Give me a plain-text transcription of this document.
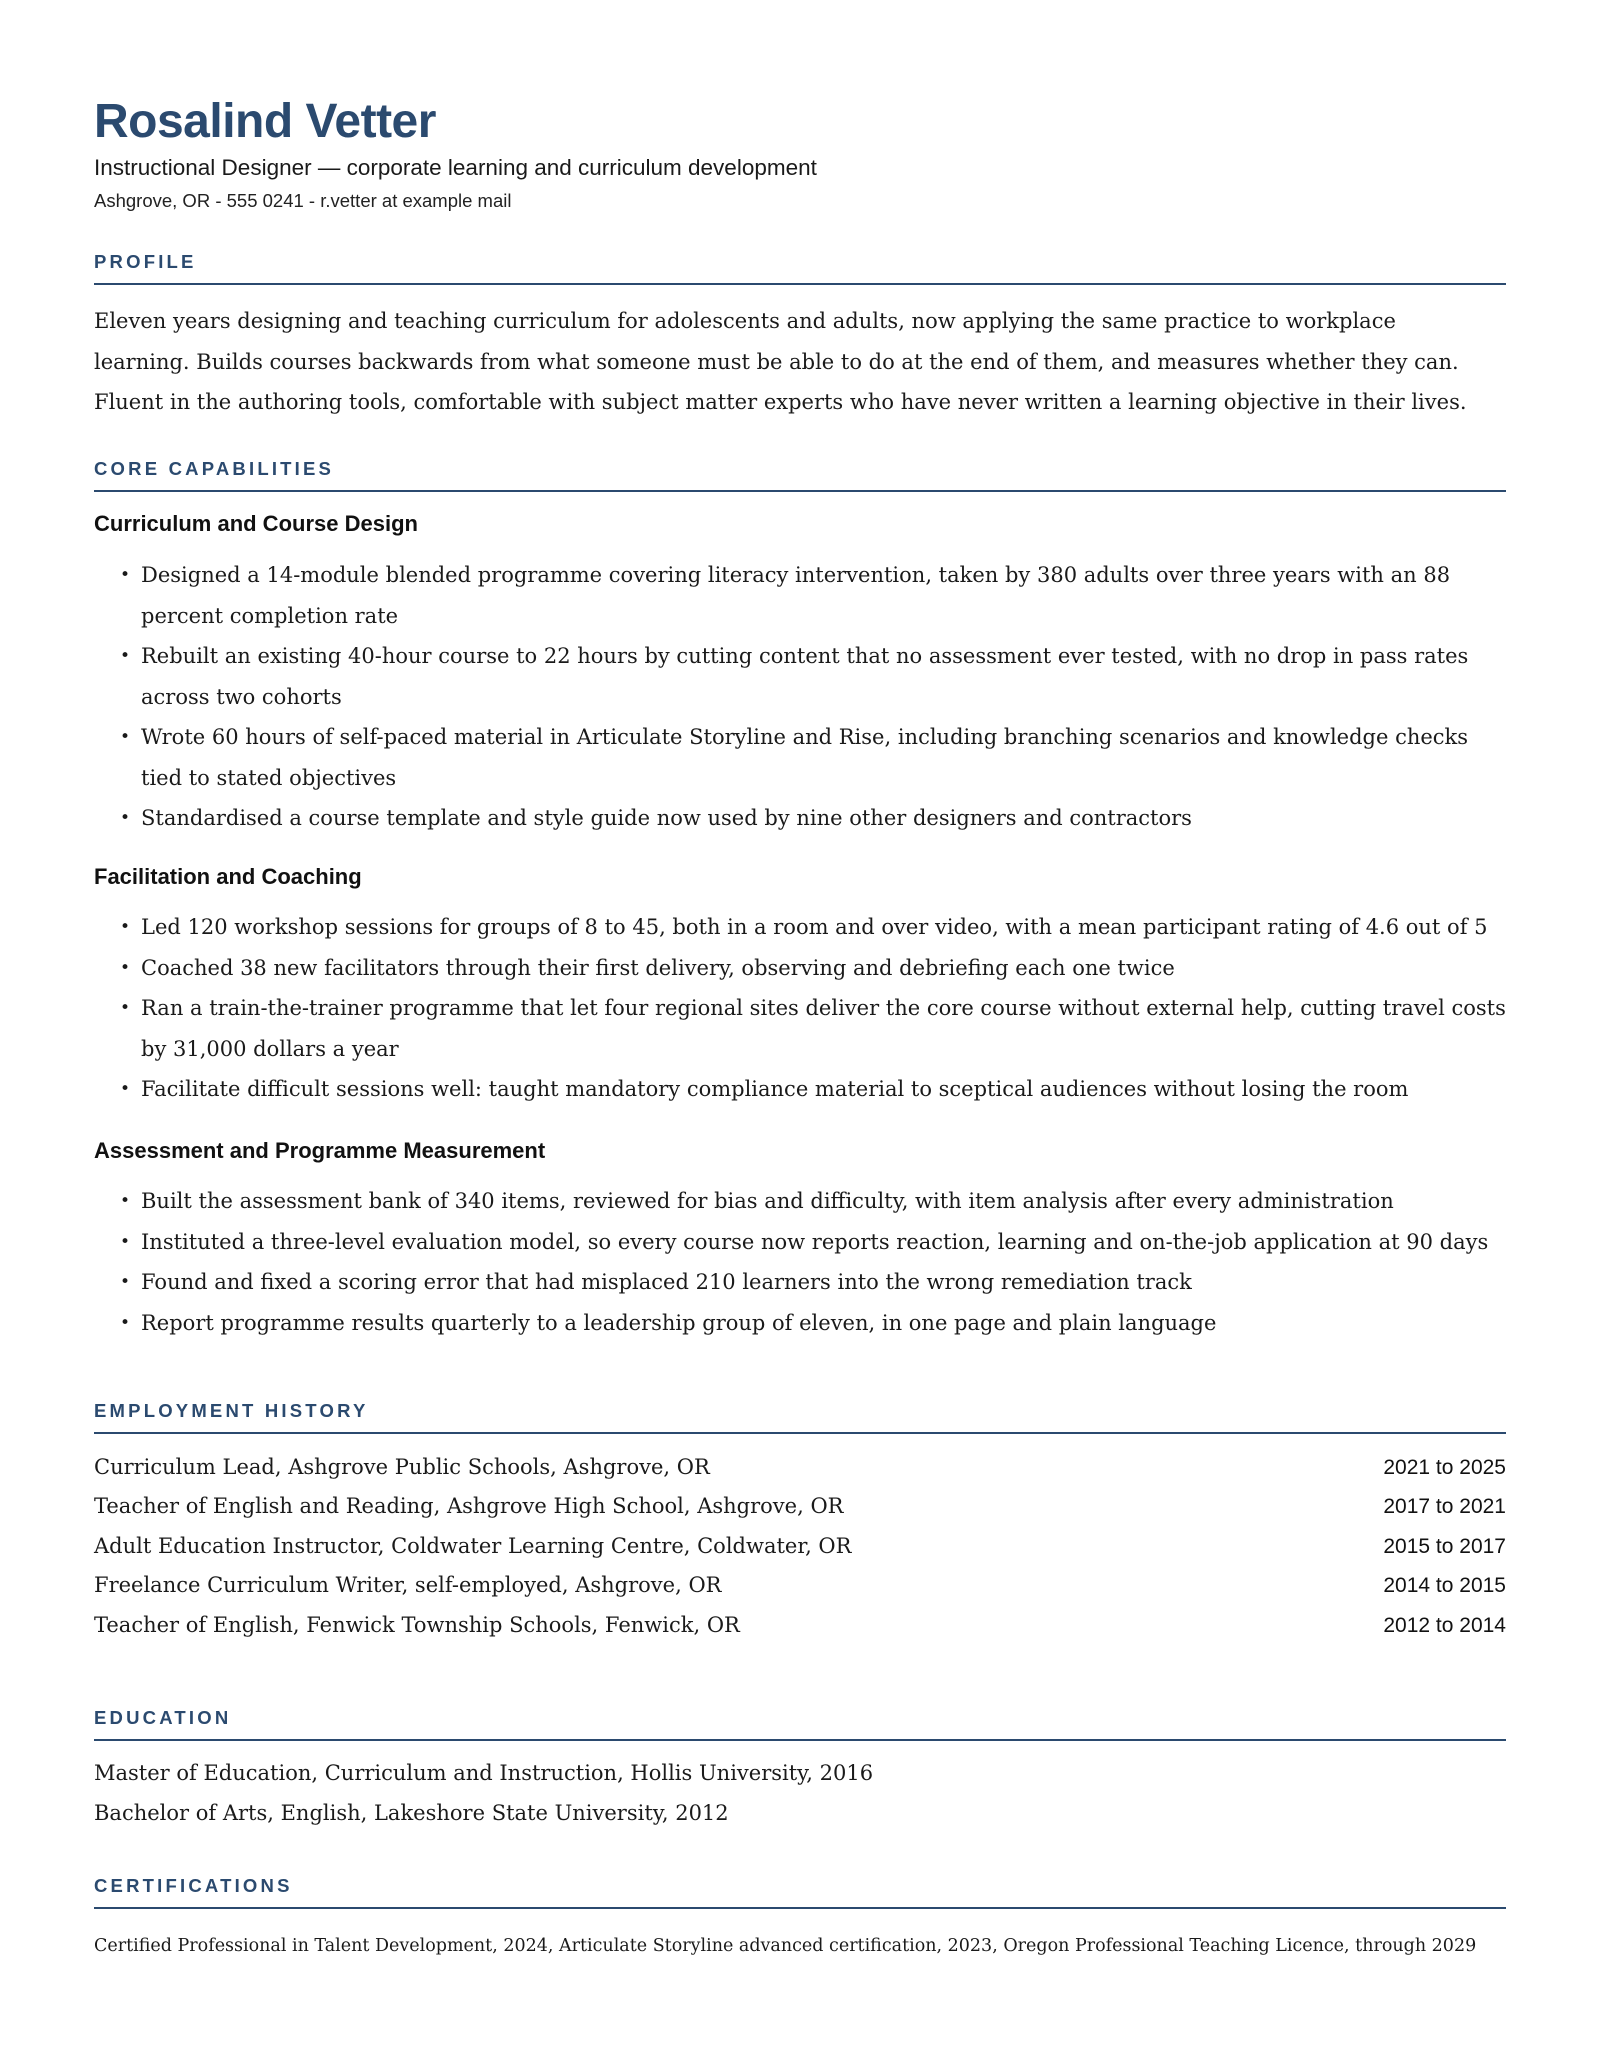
Rosalind Vetter
Instructional Designer — corporate learning and curriculum development
Ashgrove, OR - 555 0241 - r.vetter at example mail
PROFILE

Eleven years designing and teaching curriculum for adolescents and adults, now applying the same practice to workplace

learning. Builds courses backwards from what someone must be able to do at the end of them, and measures whether they can.

Fluent in the authoring tools, comfortable with subject matter experts who have never written a learning objective in their lives.

CORE CAPABILITIES
Curriculum and Course Design
• Designed a 14-module blended programme covering literacy intervention, taken by 380 adults over three years with an 88
percent completion rate
• Rebuilt an existing 40-hour course to 22 hours by cutting content that no assessment ever tested, with no drop in pass rates
across two cohorts
• Wrote 60 hours of self-paced material in Articulate Storyline and Rise, including branching scenarios and knowledge checks
tied to stated objectives
• Standardised a course template and style guide now used by nine other designers and contractors
Facilitation and Coaching
• Led 120 workshop sessions for groups of 8 to 45, both in a room and over video, with a mean participant rating of 4.6 out of 5
• Coached 38 new facilitators through their first delivery, observing and debriefing each one twice
• Ran a train-the-trainer programme that let four regional sites deliver the core course without external help, cutting travel costs
by 31,000 dollars a year
• Facilitate difficult sessions well: taught mandatory compliance material to sceptical audiences without losing the room
Assessment and Programme Measurement
• Built the assessment bank of 340 items, reviewed for bias and difficulty, with item analysis after every administration
• Instituted a three-level evaluation model, so every course now reports reaction, learning and on-the-job application at 90 days
• Found and fixed a scoring error that had misplaced 210 learners into the wrong remediation track
• Report programme results quarterly to a leadership group of eleven, in one page and plain language
EMPLOYMENT HISTORY
Curriculum Lead, Ashgrove Public Schools, Ashgrove, OR	2021 to 2025
Teacher of English and Reading, Ashgrove High School, Ashgrove, OR	2017 to 2021
Adult Education Instructor, Coldwater Learning Centre, Coldwater, OR	2015 to 2017
Freelance Curriculum Writer, self-employed, Ashgrove, OR	2014 to 2015
Teacher of English, Fenwick Township Schools, Fenwick, OR	2012 to 2014
EDUCATION
Master of Education, Curriculum and Instruction, Hollis University, 2016
Bachelor of Arts, English, Lakeshore State University, 2012
CERTIFICATIONS
Certified Professional in Talent Development, 2024, Articulate Storyline advanced certification, 2023, Oregon Professional Teaching Licence, through 2029
